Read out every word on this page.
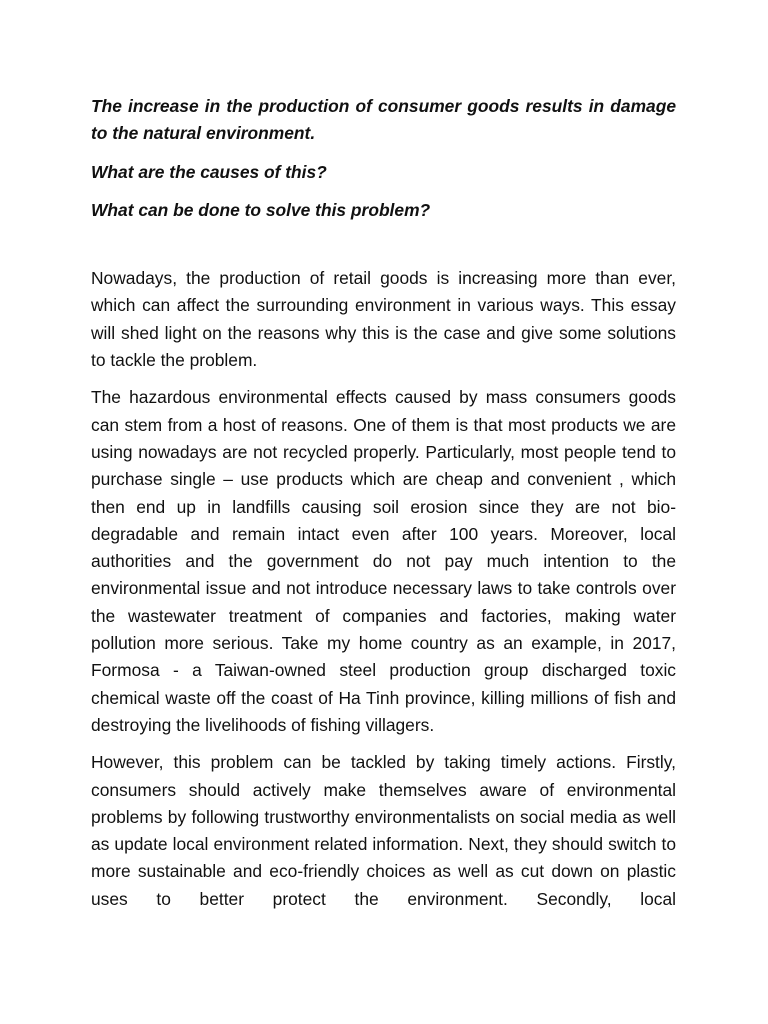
The increase in the production of consumer goods results in damage to the natural environment.

What are the causes of this?

What can be done to solve this problem?

Nowadays, the production of retail goods is increasing more than ever, which can affect the surrounding environment in various ways. This essay will shed light on the reasons why this is the case and give some solutions to tackle the problem.

The hazardous environmental effects caused by mass consumers goods can stem from a host of reasons. One of them is that most products we are using nowadays are not recycled properly. Particularly, most people tend to purchase single – use products which are cheap and convenient , which then end up in landfills causing soil erosion since they are not bio-degradable and remain intact even after 100 years. Moreover, local authorities and the government do not pay much intention to the environmental issue and not introduce necessary laws to take controls over the wastewater treatment of companies and factories, making water pollution more serious. Take my home country as an example, in 2017, Formosa - a Taiwan-owned steel production group discharged toxic chemical waste off the coast of Ha Tinh province, killing millions of fish and destroying the livelihoods of fishing villagers.

However, this problem can be tackled by taking timely actions. Firstly, consumers should actively make themselves aware of environmental problems by following trustworthy environmentalists on social media as well as update local environment related information. Next, they should switch to more sustainable and eco-friendly choices as well as cut down on plastic uses to better protect the environment. Secondly, local
